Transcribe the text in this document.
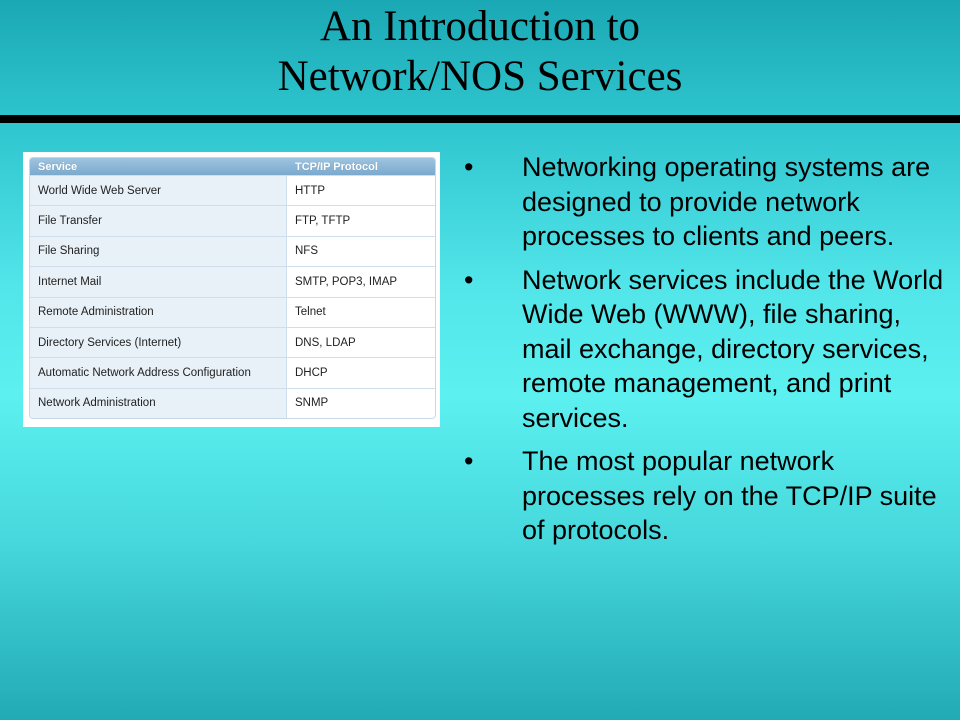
An Introduction to
Network/NOS Services
Service	TCP/IP Protocol
World Wide Web Server	HTTP
File Transfer	FTP, TFTP
File Sharing	NFS
Internet Mail	SMTP, POP3, IMAP
Remote Administration	Telnet
Directory Services (Internet)	DNS, LDAP
Automatic Network Address Configuration	DHCP
Network Administration	SNMP
• Networking operating systems are designed to provide network processes to clients and peers.
• Network services include the World Wide Web (WWW), file sharing, mail exchange, directory services, remote management, and print services.
• The most popular network processes rely on the TCP/IP suite of protocols.
